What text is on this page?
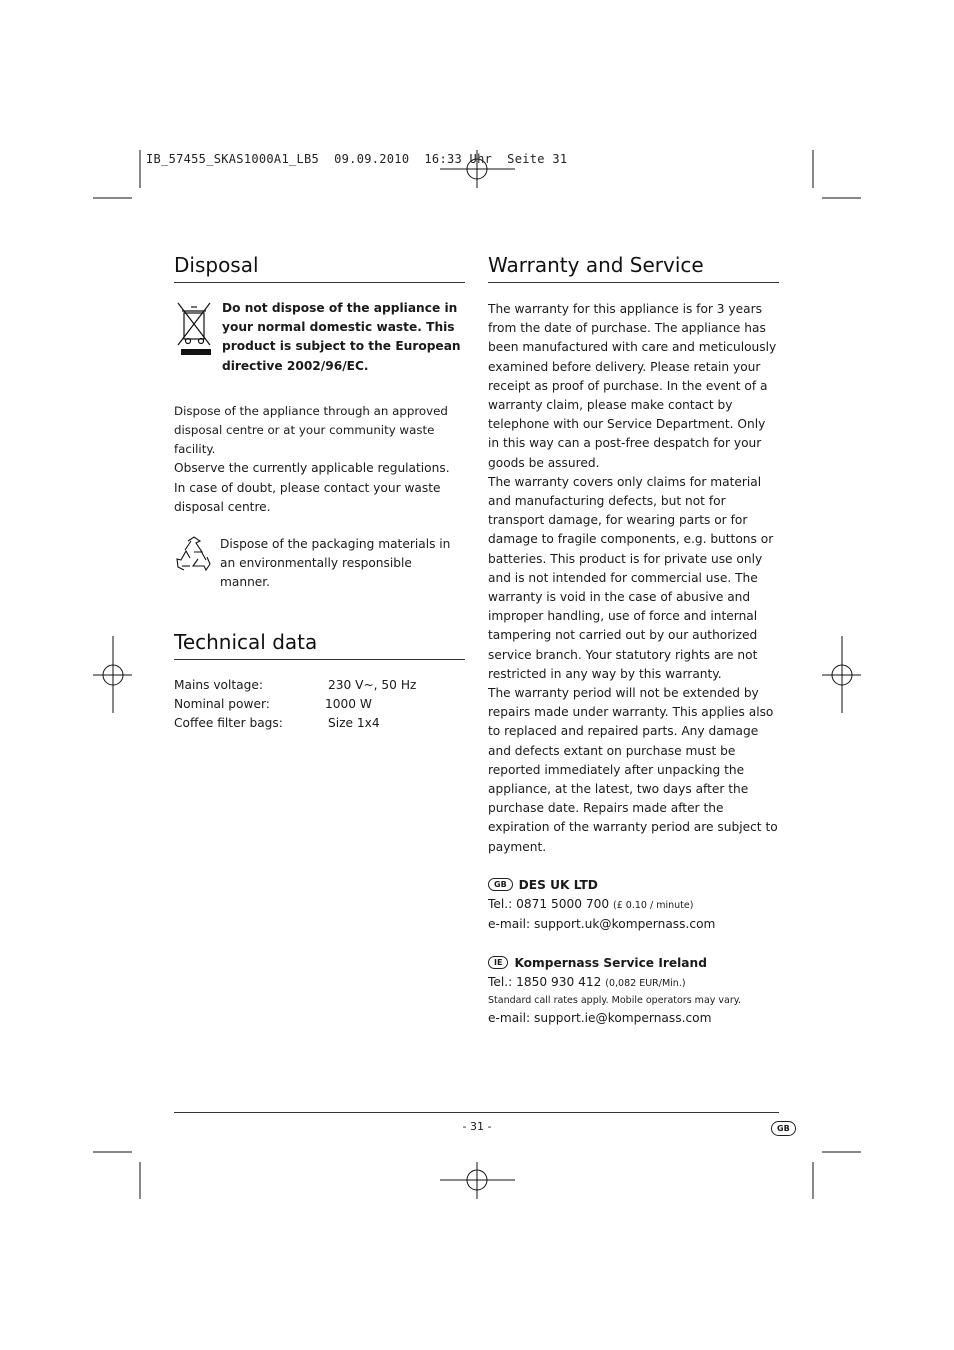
IB_57455_SKAS1000A1_LB5  09.09.2010  16:33 Uhr  Seite 31
Disposal

Do not dispose of the appliance in your normal domestic waste. This product is subject to the European directive 2002/96/EC.

Dispose of the appliance through an approved disposal centre or at your community waste facility.

Observe the currently applicable regulations.

In case of doubt, please contact your waste disposal centre.

Dispose of the packaging materials in an environmentally responsible manner.

Technical data
Mains voltage:	230 V~, 50 Hz
Nominal power:	1000 W
Coffee filter bags:	Size 1x4
Warranty and Service

The warranty for this appliance is for 3 years from the date of purchase. The appliance has been manufactured with care and meticulously examined before delivery. Please retain your receipt as proof of purchase. In the event of a warranty claim, please make contact by telephone with our Service Department. Only in this way can a post-free despatch for your goods be assured.

The warranty covers only claims for material and manufacturing defects, but not for transport damage, for wearing parts or for damage to fragile components, e.g. buttons or batteries. This product is for private use only and is not intended for commercial use. The warranty is void in the case of abusive and improper handling, use of force and internal tampering not carried out by our authorized service branch. Your statutory rights are not restricted in any way by this warranty.

The warranty period will not be extended by repairs made under warranty. This applies also to replaced and repaired parts. Any damage and defects extant on purchase must be reported immediately after unpacking the appliance, at the latest, two days after the purchase date. Repairs made after the expiration of the warranty period are subject to payment.

GB DES UK LTD

Tel.: 0871 5000 700 (£ 0.10 / minute)

e-mail: support.uk@kompernass.com

IE Kompernass Service Ireland

Tel.: 1850 930 412 (0,082 EUR/Min.)

Standard call rates apply. Mobile operators may vary.

e-mail: support.ie@kompernass.com

- 31 -	GB
